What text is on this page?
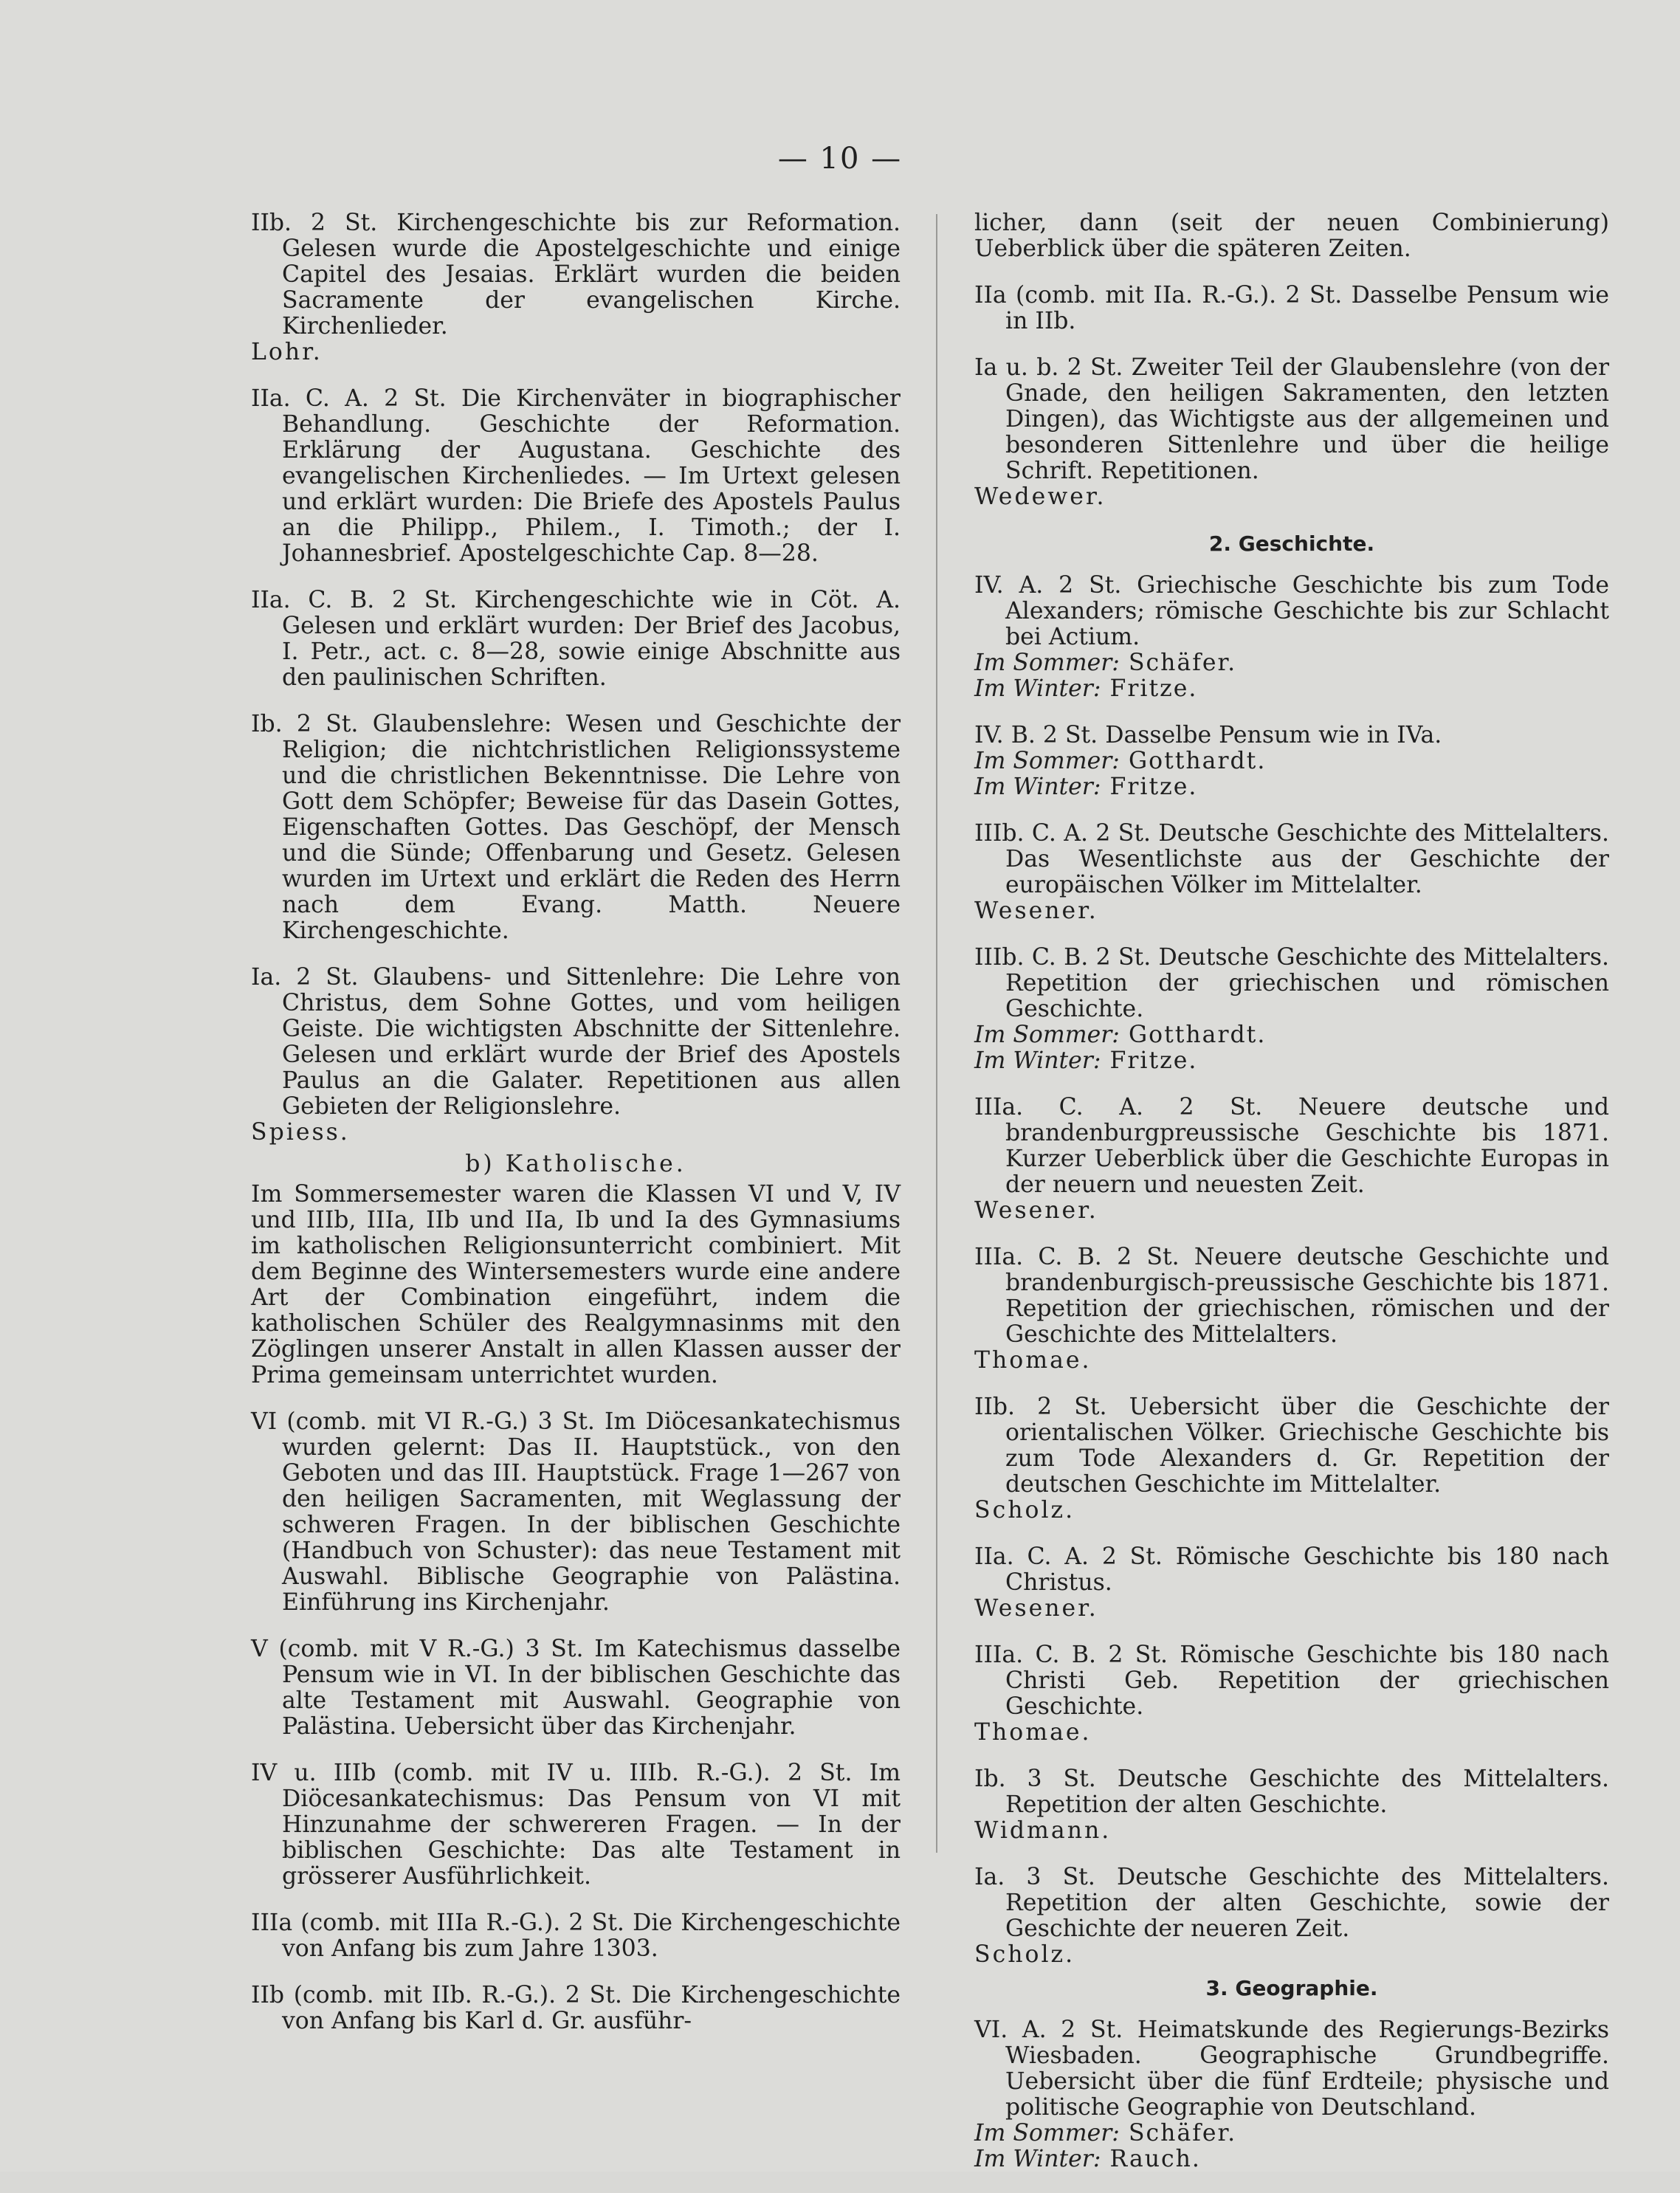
— 10 —

IIb. 2 St. Kirchengeschichte bis zur Reformation. Gelesen wurde die Apostelgeschichte und einige Capitel des Jesaias. Erklärt wurden die beiden Sacramente der evangelischen Kirche. Kirchenlieder.

Lohr.

IIa. C. A. 2 St. Die Kirchenväter in biographischer Behandlung. Geschichte der Reformation. Erklärung der Augustana. Geschichte des evangelischen Kirchenliedes. — Im Urtext gelesen und erklärt wurden: Die Briefe des Apostels Paulus an die Philipp., Philem., I. Timoth.; der I. Johannesbrief. Apostelgeschichte Cap. 8—28.

IIa. C. B. 2 St. Kirchengeschichte wie in Cöt. A. Gelesen und erklärt wurden: Der Brief des Jacobus, I. Petr., act. c. 8—28, sowie einige Abschnitte aus den paulinischen Schriften.

Ib. 2 St. Glaubenslehre: Wesen und Geschichte der Religion; die nichtchristlichen Religionssysteme und die christlichen Bekenntnisse. Die Lehre von Gott dem Schöpfer; Beweise für das Dasein Gottes, Eigenschaften Gottes. Das Geschöpf, der Mensch und die Sünde; Offenbarung und Gesetz. Gelesen wurden im Urtext und erklärt die Reden des Herrn nach dem Evang. Matth. Neuere Kirchengeschichte.

Ia. 2 St. Glaubens- und Sittenlehre: Die Lehre von Christus, dem Sohne Gottes, und vom heiligen Geiste. Die wichtigsten Abschnitte der Sittenlehre. Gelesen und erklärt wurde der Brief des Apostels Paulus an die Galater. Repetitionen aus allen Gebieten der Religionslehre.

Spiess.

b) Katholische.

Im Sommersemester waren die Klassen VI und V, IV und IIIb, IIIa, IIb und IIa, Ib und Ia des Gymnasiums im katholischen Religionsunterricht combiniert. Mit dem Beginne des Wintersemesters wurde eine andere Art der Combination eingeführt, indem die katholischen Schüler des Realgymnasinms mit den Zöglingen unserer Anstalt in allen Klassen ausser der Prima gemeinsam unterrichtet wurden.

VI (comb. mit VI R.-G.) 3 St. Im Diöcesankatechismus wurden gelernt: Das II. Hauptstück., von den Geboten und das III. Hauptstück. Frage 1—267 von den heiligen Sacramenten, mit Weglassung der schweren Fragen. In der biblischen Geschichte (Handbuch von Schuster): das neue Testament mit Auswahl. Biblische Geographie von Palästina. Einführung ins Kirchenjahr.

V (comb. mit V R.-G.) 3 St. Im Katechismus dasselbe Pensum wie in VI. In der biblischen Geschichte das alte Testament mit Auswahl. Geographie von Palästina. Uebersicht über das Kirchenjahr.

IV u. IIIb (comb. mit IV u. IIIb. R.-G.). 2 St. Im Diöcesankatechismus: Das Pensum von VI mit Hinzunahme der schwereren Fragen. — In der biblischen Geschichte: Das alte Testament in grösserer Ausführlichkeit.

IIIa (comb. mit IIIa R.-G.). 2 St. Die Kirchengeschichte von Anfang bis zum Jahre 1303.

IIb (comb. mit IIb. R.-G.). 2 St. Die Kirchengeschichte von Anfang bis Karl d. Gr. ausführ-

licher, dann (seit der neuen Combinierung) Ueberblick über die späteren Zeiten.

IIa (comb. mit IIa. R.-G.). 2 St. Dasselbe Pensum wie in IIb.

Ia u. b. 2 St. Zweiter Teil der Glaubenslehre (von der Gnade, den heiligen Sakramenten, den letzten Dingen), das Wichtigste aus der allgemeinen und besonderen Sittenlehre und über die heilige Schrift. Repetitionen.

Wedewer.

2. Geschichte.

IV. A. 2 St. Griechische Geschichte bis zum Tode Alexanders; römische Geschichte bis zur Schlacht bei Actium.

Im Sommer: Schäfer.

Im Winter: Fritze.

IV. B. 2 St. Dasselbe Pensum wie in IVa.

Im Sommer: Gotthardt.

Im Winter: Fritze.

IIIb. C. A. 2 St. Deutsche Geschichte des Mittelalters. Das Wesentlichste aus der Geschichte der europäischen Völker im Mittelalter.

Wesener.

IIIb. C. B. 2 St. Deutsche Geschichte des Mittelalters. Repetition der griechischen und römischen Geschichte.

Im Sommer: Gotthardt.

Im Winter: Fritze.

IIIa. C. A. 2 St. Neuere deutsche und brandenburgpreussische Geschichte bis 1871. Kurzer Ueberblick über die Geschichte Europas in der neuern und neuesten Zeit.

Wesener.

IIIa. C. B. 2 St. Neuere deutsche Geschichte und brandenburgisch-preussische Geschichte bis 1871. Repetition der griechischen, römischen und der Geschichte des Mittelalters.

Thomae.

IIb. 2 St. Uebersicht über die Geschichte der orientalischen Völker. Griechische Geschichte bis zum Tode Alexanders d. Gr. Repetition der deutschen Geschichte im Mittelalter.

Scholz.

IIa. C. A. 2 St. Römische Geschichte bis 180 nach Christus.

Wesener.

IIIa. C. B. 2 St. Römische Geschichte bis 180 nach Christi Geb. Repetition der griechischen Geschichte.

Thomae.

Ib. 3 St. Deutsche Geschichte des Mittelalters. Repetition der alten Geschichte.

Widmann.

Ia. 3 St. Deutsche Geschichte des Mittelalters. Repetition der alten Geschichte, sowie der Geschichte der neueren Zeit.

Scholz.

3. Geographie.

VI. A. 2 St. Heimatskunde des Regierungs-Bezirks Wiesbaden. Geographische Grundbegriffe. Uebersicht über die fünf Erdteile; physische und politische Geographie von Deutschland.

Im Sommer: Schäfer.

Im Winter: Rauch.
